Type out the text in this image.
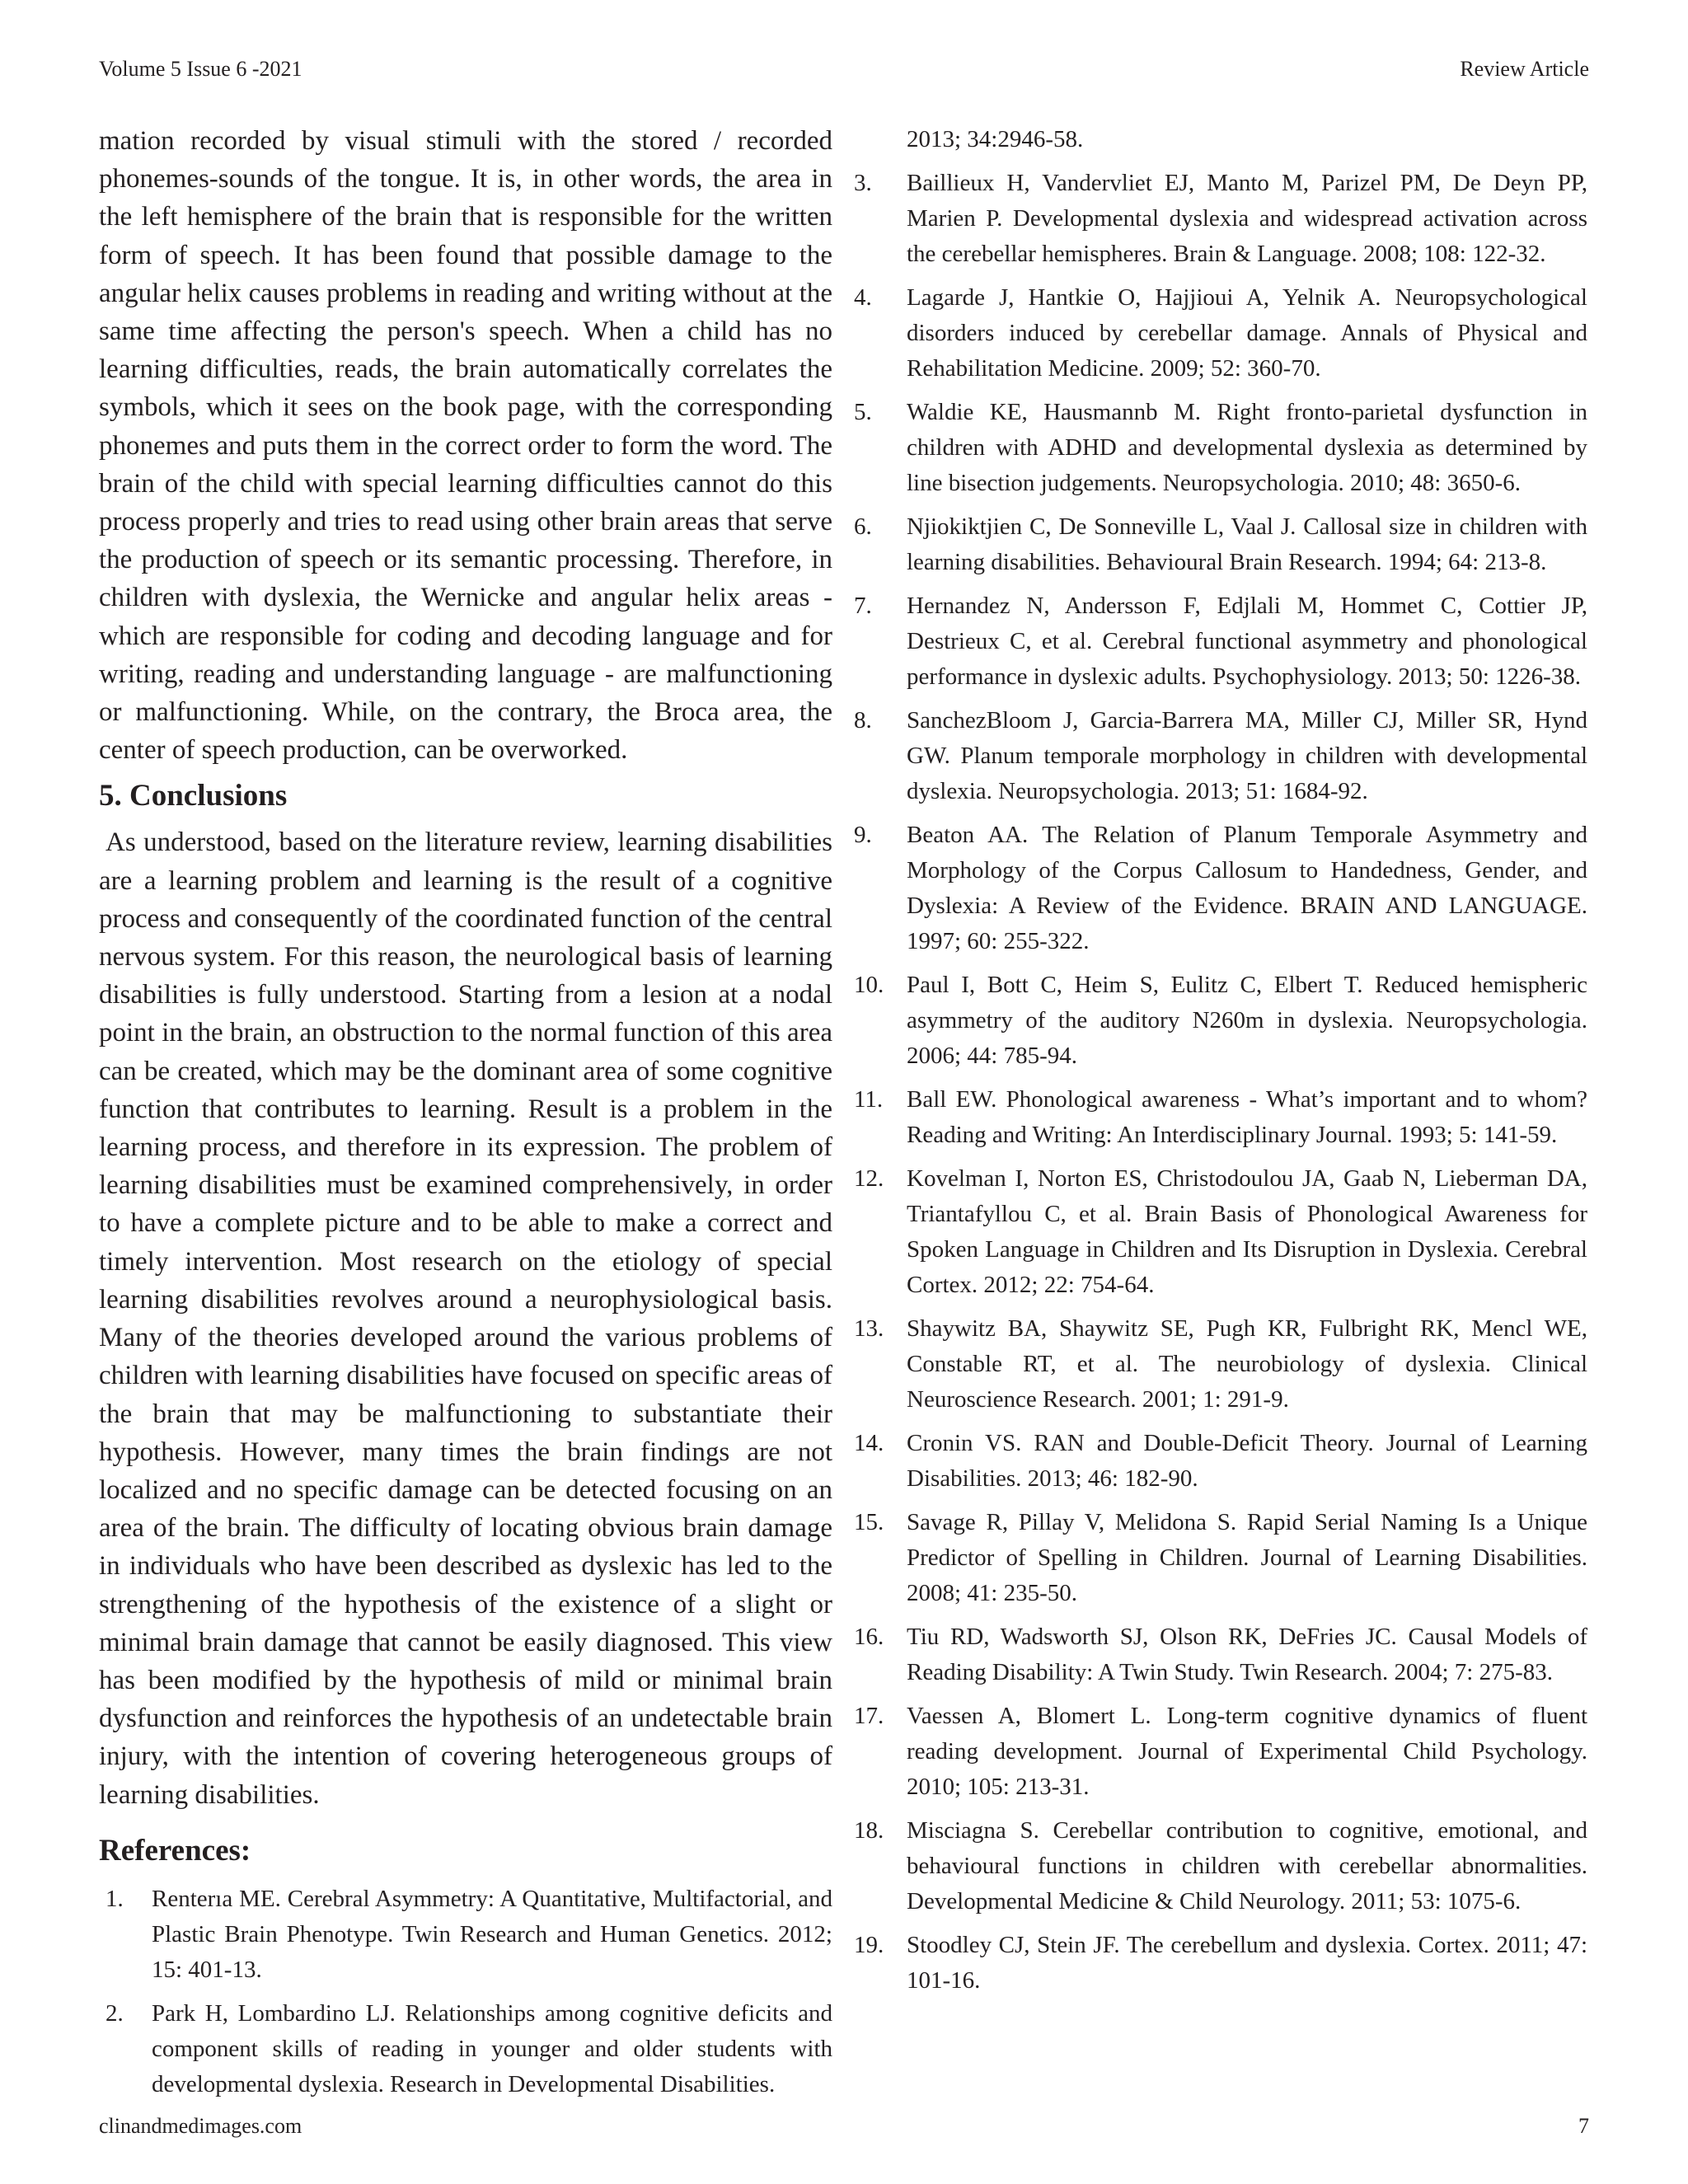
Volume 5 Issue 6 -2021	Review Article

mation recorded by visual stimuli with the stored / recorded phonemes-sounds of the tongue. It is, in other words, the area in the left hemisphere of the brain that is responsible for the written form of speech. It has been found that possible damage to the angular helix causes problems in reading and writing without at the same time affecting the person's speech. When a child has no learning difficulties, reads, the brain automatically correlates the symbols, which it sees on the book page, with the corresponding phonemes and puts them in the correct order to form the word. The brain of the child with special learning difficulties cannot do this process properly and tries to read using other brain areas that serve the production of speech or its semantic processing. Therefore, in children with dyslexia, the Wernicke and angular helix areas - which are responsible for coding and decoding language and for writing, reading and understanding language - are malfunctioning or malfunctioning. While, on the contrary, the Broca area, the center of speech production, can be overworked.

5. Conclusions

As understood, based on the literature review, learning disabilities are a learning problem and learning is the result of a cognitive process and consequently of the coordinated function of the central nervous system. For this reason, the neurological basis of learning disabilities is fully understood. Starting from a lesion at a nodal point in the brain, an obstruction to the normal function of this area can be created, which may be the dominant area of some cognitive function that contributes to learning. Result is a problem in the learning process, and therefore in its expression. The problem of learning disabilities must be examined comprehensively, in order to have a complete picture and to be able to make a correct and timely intervention. Most research on the etiology of special learning disabilities revolves around a neurophysiological basis. Many of the theories developed around the various problems of children with learning disabilities have focused on specific areas of the brain that may be malfunctioning to substantiate their hypothesis. However, many times the brain findings are not localized and no specific damage can be detected focusing on an area of the brain. The difficulty of locating obvious brain damage in individuals who have been described as dyslexic has led to the strengthening of the hypothesis of the existence of a slight or minimal brain damage that cannot be easily diagnosed. This view has been modified by the hypothesis of mild or minimal brain dysfunction and reinforces the hypothesis of an undetectable brain injury, with the intention of covering heterogeneous groups of learning disabilities.

References:
1.	Renterıa ME. Cerebral Asymmetry: A Quantitative, Multifactorial, and Plastic Brain Phenotype. Twin Research and Human Genetics. 2012; 15: 401-13.
2.	Park H, Lombardino LJ. Relationships among cognitive deficits and component skills of reading in younger and older students with developmental dyslexia. Research in Developmental Disabilities.
2013; 34:2946-58.
3.	Baillieux H, Vandervliet EJ, Manto M, Parizel PM, De Deyn PP, Marien P. Developmental dyslexia and widespread activation across the cerebellar hemispheres. Brain & Language. 2008; 108: 122-32.
4.	Lagarde J, Hantkie O, Hajjioui A, Yelnik A. Neuropsychological disorders induced by cerebellar damage. Annals of Physical and Rehabilitation Medicine. 2009; 52: 360-70.
5.	Waldie KE, Hausmannb M. Right fronto-parietal dysfunction in children with ADHD and developmental dyslexia as determined by line bisection judgements. Neuropsychologia. 2010; 48: 3650-6.
6.	Njiokiktjien C, De Sonneville L, Vaal J. Callosal size in children with learning disabilities. Behavioural Brain Research. 1994; 64: 213-8.
7.	Hernandez N, Andersson F, Edjlali M, Hommet C, Cottier JP, Destrieux C, et al. Cerebral functional asymmetry and phonological performance in dyslexic adults. Psychophysiology. 2013; 50: 1226-38.
8.	SanchezBloom J, Garcia-Barrera MA, Miller CJ, Miller SR, Hynd GW. Planum temporale morphology in children with developmental dyslexia. Neuropsychologia. 2013; 51: 1684-92.
9.	Beaton AA. The Relation of Planum Temporale Asymmetry and Morphology of the Corpus Callosum to Handedness, Gender, and Dyslexia: A Review of the Evidence. BRAIN AND LANGUAGE. 1997; 60: 255-322.
10. Paul I, Bott C, Heim S, Eulitz C, Elbert T. Reduced hemispheric asymmetry of the auditory N260m in dyslexia. Neuropsychologia. 2006; 44: 785-94.
11. Ball EW. Phonological awareness - What’s important and to whom? Reading and Writing: An Interdisciplinary Journal. 1993; 5: 141-59.
12. Kovelman I, Norton ES, Christodoulou JA, Gaab N, Lieberman DA, Triantafyllou C, et al. Brain Basis of Phonological Awareness for Spoken Language in Children and Its Disruption in Dyslexia. Cerebral Cortex. 2012; 22: 754-64.
13. Shaywitz BA, Shaywitz SE, Pugh KR, Fulbright RK, Mencl WE, Constable RT, et al. The neurobiology of dyslexia. Clinical Neuroscience Research. 2001; 1: 291-9.
14. Cronin VS. RAN and Double-Deficit Theory. Journal of Learning Disabilities. 2013; 46: 182-90.
15. Savage R, Pillay V, Melidona S. Rapid Serial Naming Is a Unique Predictor of Spelling in Children. Journal of Learning Disabilities. 2008; 41: 235-50.
16. Tiu RD, Wadsworth SJ, Olson RK, DeFries JC. Causal Models of Reading Disability: A Twin Study. Twin Research. 2004; 7: 275-83.
17. Vaessen A, Blomert L. Long-term cognitive dynamics of fluent reading development. Journal of Experimental Child Psychology. 2010; 105: 213-31.
18. Misciagna S. Cerebellar contribution to cognitive, emotional, and behavioural functions in children with cerebellar abnormalities. Developmental Medicine & Child Neurology. 2011; 53: 1075-6.
19. Stoodley CJ, Stein JF. The cerebellum and dyslexia. Cortex. 2011; 47: 101-16.
clinandmedimages.com	7
